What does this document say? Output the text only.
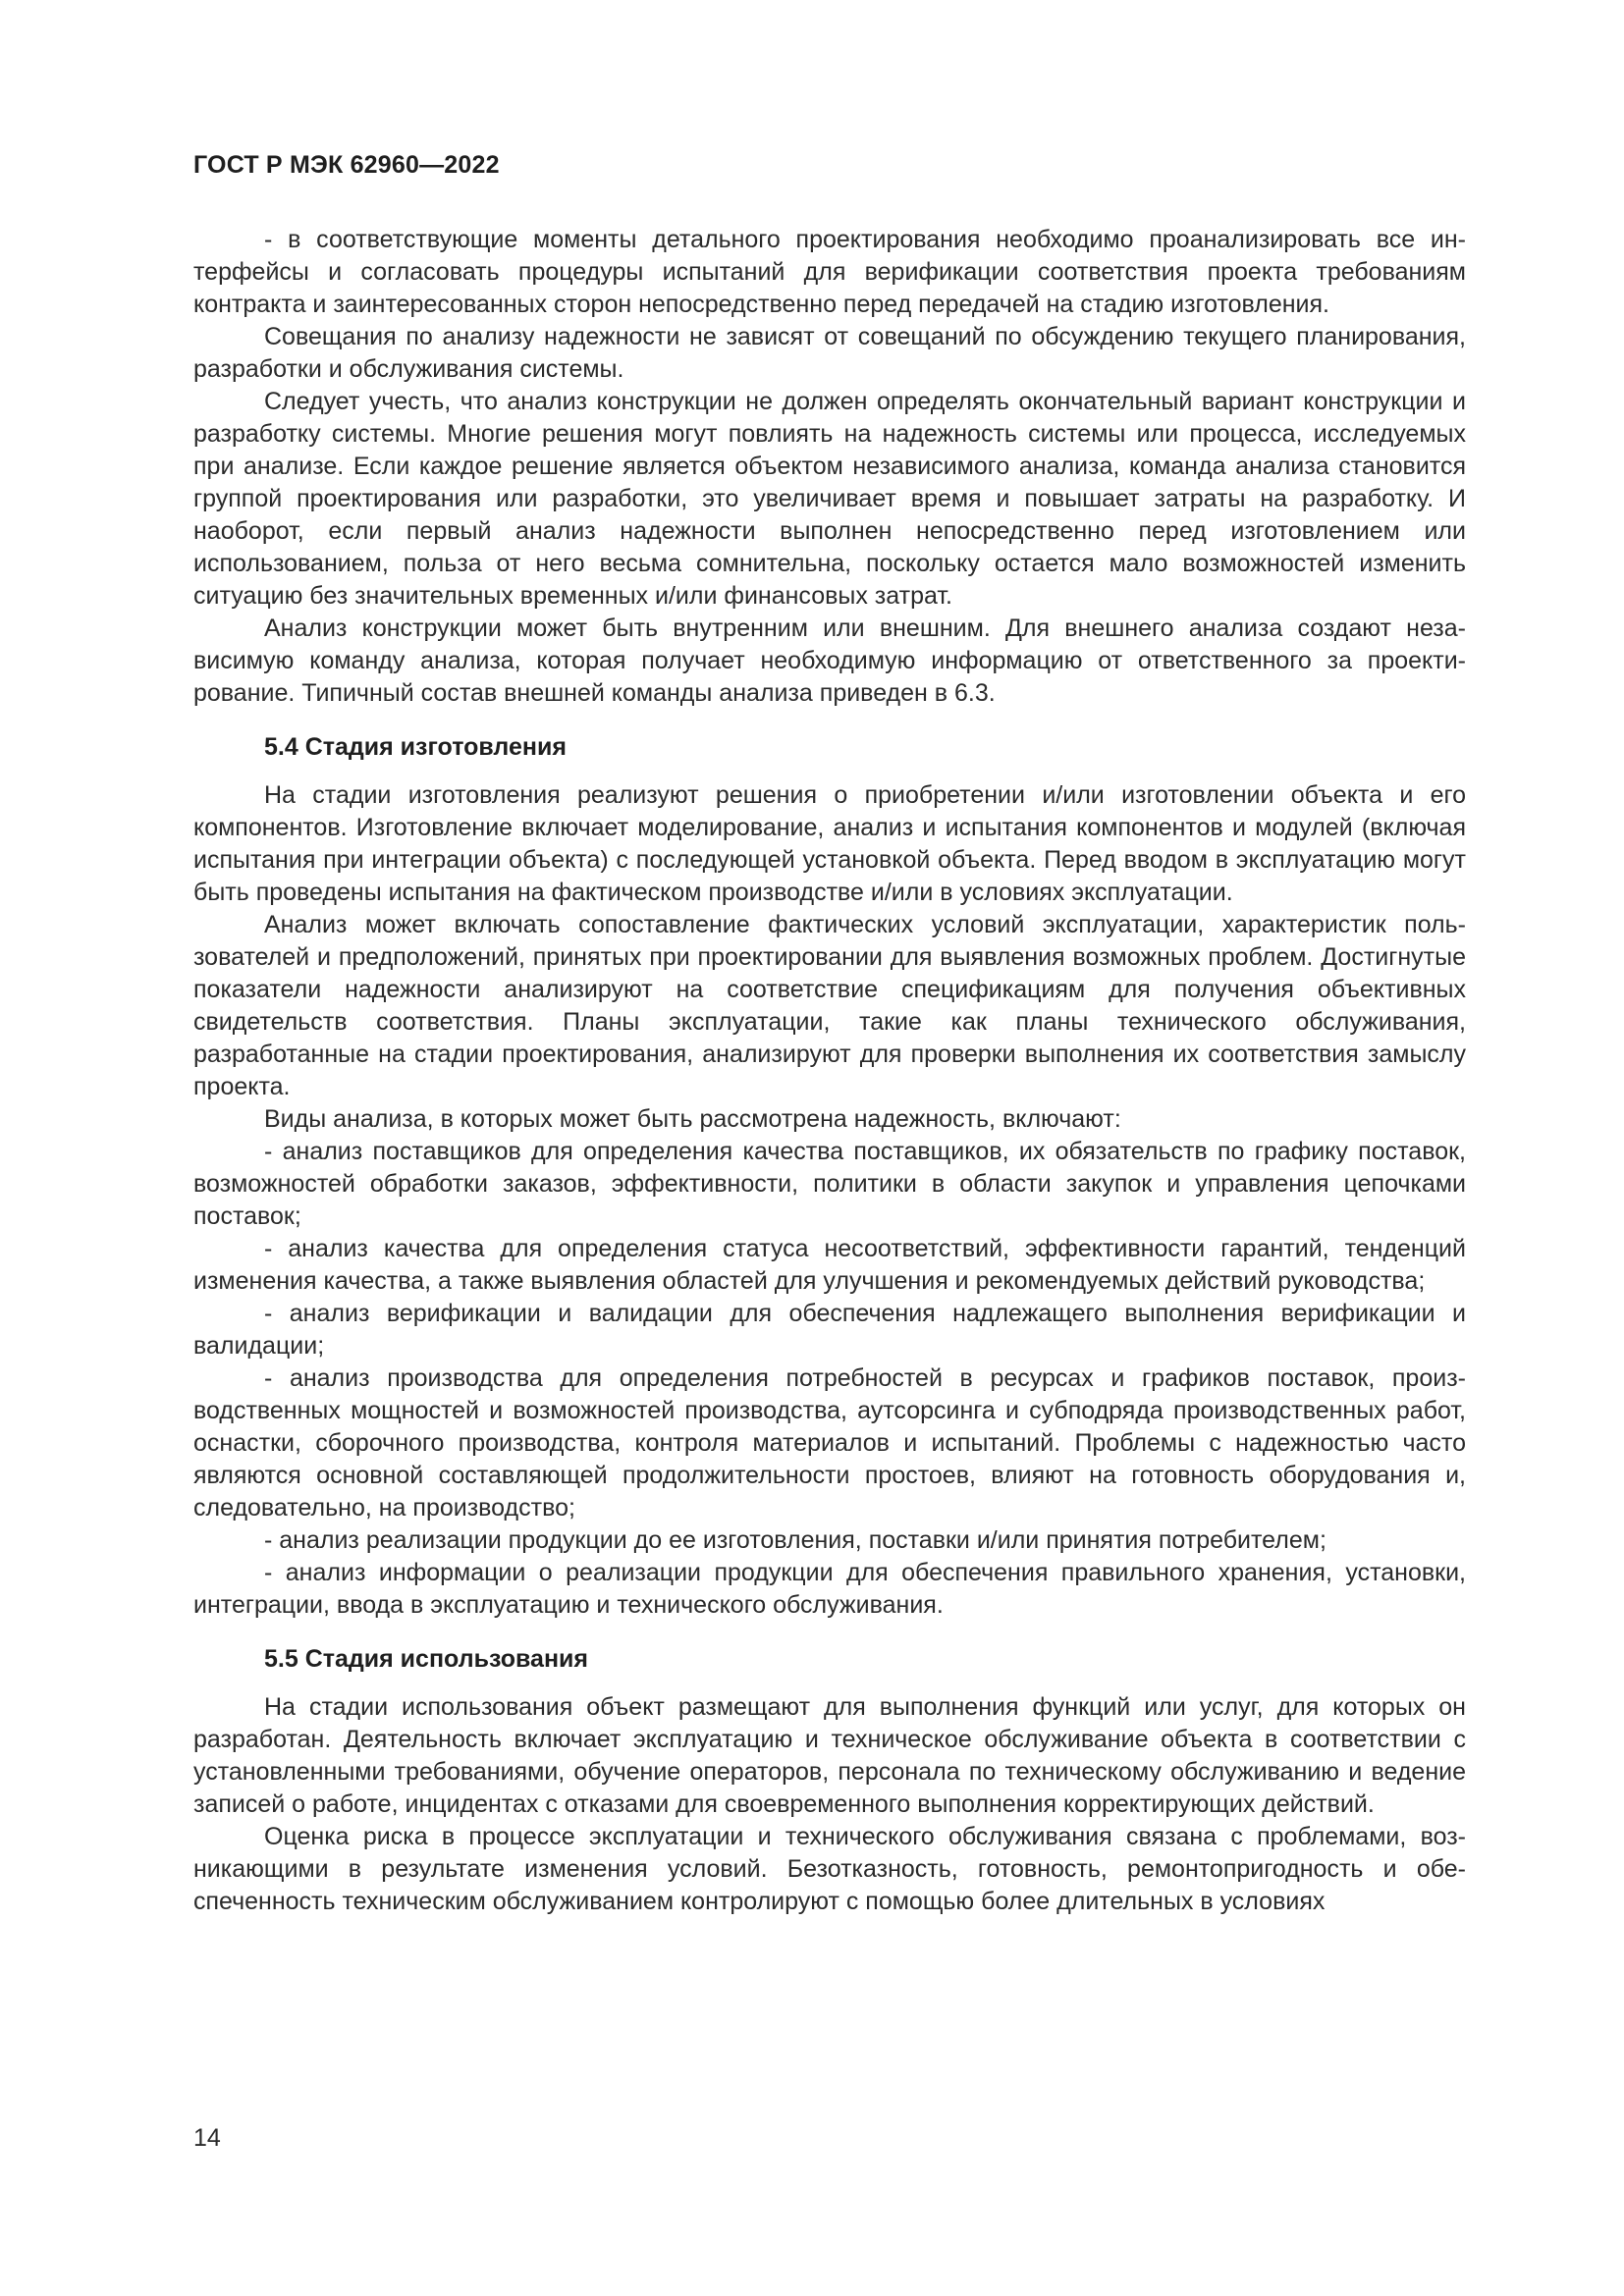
ГОСТ Р МЭК 62960—2022

- в соответствующие моменты детального проектирования необходимо проанализировать все интерфейсы и согласовать процедуры испытаний для верификации соответствия проекта требованиям контракта и заинтересованных сторон непосредственно перед передачей на стадию изготовления.

Совещания по анализу надежности не зависят от совещаний по обсуждению текущего планирования, разработки и обслуживания системы.

Следует учесть, что анализ конструкции не должен определять окончательный вариант конструкции и разработку системы. Многие решения могут повлиять на надежность системы или процесса, исследуемых при анализе. Если каждое решение является объектом независимого анализа, команда анализа становится группой проектирования или разработки, это увеличивает время и повышает затраты на разработку. И наоборот, если первый анализ надежности выполнен непосредственно перед изготовлением или использованием, польза от него весьма сомнительна, поскольку остается мало возможностей изменить ситуацию без значительных временных и/или финансовых затрат.

Анализ конструкции может быть внутренним или внешним. Для внешнего анализа создают независимую команду анализа, которая получает необходимую информацию от ответственного за проектирование. Типичный состав внешней команды анализа приведен в 6.3.

5.4 Стадия изготовления

На стадии изготовления реализуют решения о приобретении и/или изготовлении объекта и его компонентов. Изготовление включает моделирование, анализ и испытания компонентов и модулей (включая испытания при интеграции объекта) с последующей установкой объекта. Перед вводом в эксплуатацию могут быть проведены испытания на фактическом производстве и/или в условиях эксплуатации.

Анализ может включать сопоставление фактических условий эксплуатации, характеристик пользователей и предположений, принятых при проектировании для выявления возможных проблем. Достигнутые показатели надежности анализируют на соответствие спецификациям для получения объективных свидетельств соответствия. Планы эксплуатации, такие как планы технического обслуживания, разработанные на стадии проектирования, анализируют для проверки выполнения их соответствия замыслу проекта.

Виды анализа, в которых может быть рассмотрена надежность, включают:

- анализ поставщиков для определения качества поставщиков, их обязательств по графику поставок, возможностей обработки заказов, эффективности, политики в области закупок и управления цепочками поставок;

- анализ качества для определения статуса несоответствий, эффективности гарантий, тенденций изменения качества, а также выявления областей для улучшения и рекомендуемых действий руководства;

- анализ верификации и валидации для обеспечения надлежащего выполнения верификации и валидации;

- анализ производства для определения потребностей в ресурсах и графиков поставок, производственных мощностей и возможностей производства, аутсорсинга и субподряда производственных работ, оснастки, сборочного производства, контроля материалов и испытаний. Проблемы с надежностью часто являются основной составляющей продолжительности простоев, влияют на готовность оборудования и, следовательно, на производство;

- анализ реализации продукции до ее изготовления, поставки и/или принятия потребителем;

- анализ информации о реализации продукции для обеспечения правильного хранения, установки, интеграции, ввода в эксплуатацию и технического обслуживания.

5.5 Стадия использования

На стадии использования объект размещают для выполнения функций или услуг, для которых он разработан. Деятельность включает эксплуатацию и техническое обслуживание объекта в соответствии с установленными требованиями, обучение операторов, персонала по техническому обслуживанию и ведение записей о работе, инцидентах с отказами для своевременного выполнения корректирующих действий.

Оценка риска в процессе эксплуатации и технического обслуживания связана с проблемами, возникающими в результате изменения условий. Безотказность, готовность, ремонтопригодность и обеспеченность техническим обслуживанием контролируют с помощью более длительных в условиях

14
